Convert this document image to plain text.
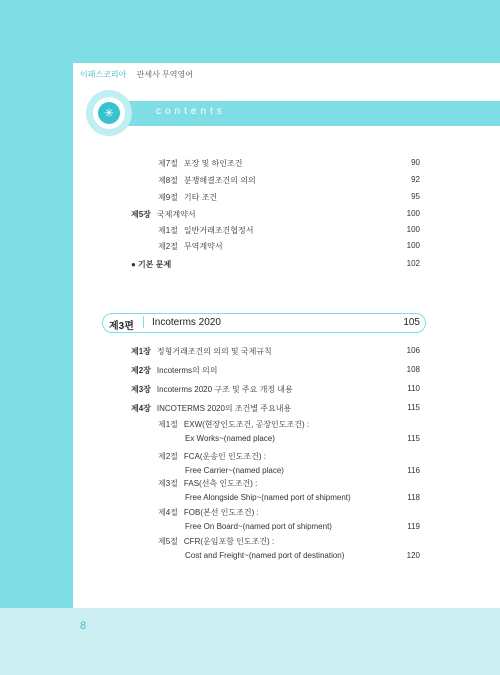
이패스코리아 관세사 무역영어
✳	contents
제7절 포장 및 하인조건	90
제8절 분쟁해결조건의 의의	92
제9절 기타 조건	95
제5장 국제계약서	100
제1절 일반거래조건협정서	100
제2절 무역계약서	100
● 기본 문제	102
제3편 Incoterms 2020	105
제1장 정형거래조건의 의의 및 국제규칙	106
제2장 Incoterms의 의의	108
제3장 Incoterms 2020 구조 및 주요 개정 내용	110
제4장 INCOTERMS 2020의 조건별 주요내용	115
제1절 EXW(현장인도조건, 공장인도조건) :
Ex Works~(named place)	115
제2절 FCA(운송인 인도조건) :
Free Carrier~(named place)	116
제3절 FAS(선측 인도조건) :
Free Alongside Ship~(named port of shipment)	118
제4절 FOB(본선 인도조건) :
Free On Board~(named port of shipment)	119
제5절 CFR(운임포함 인도조건) :
Cost and Freight~(named port of destination)	120
8
